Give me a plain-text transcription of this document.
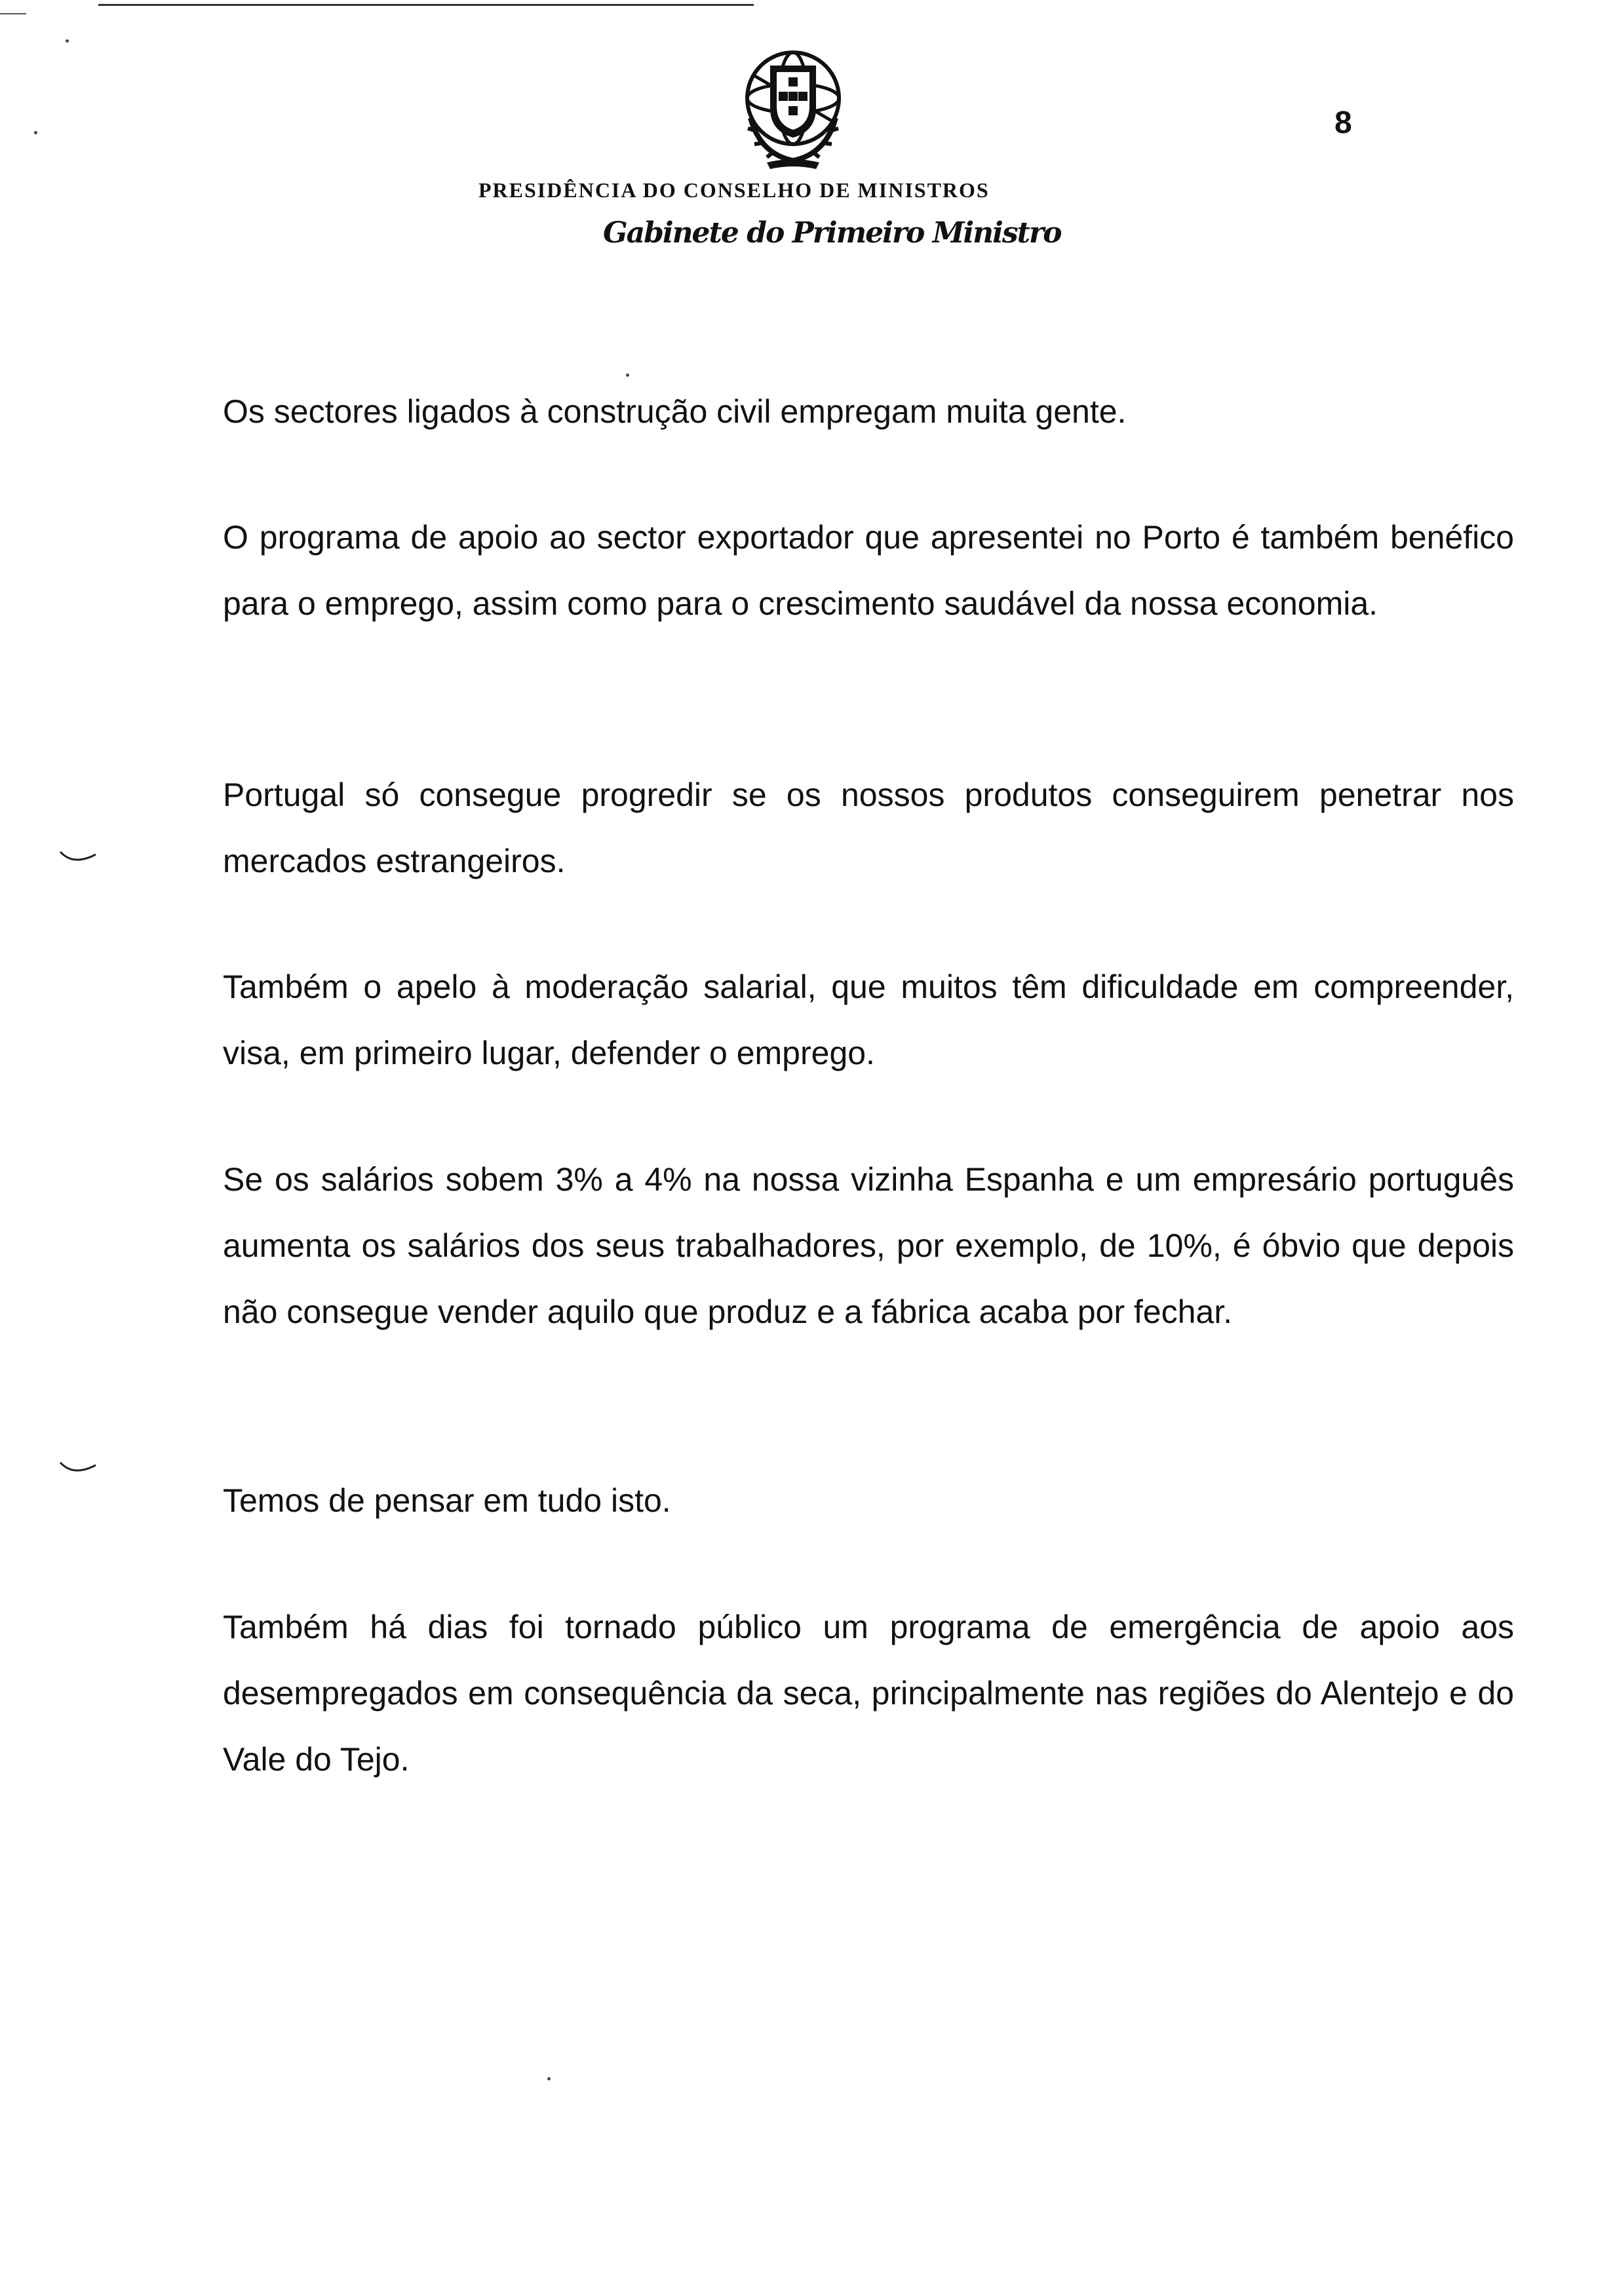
8
PRESIDÊNCIA DO CONSELHO DE MINISTROS
Gabinete do Primeiro Ministro
Os sectores ligados à construção civil empregam muita gente.
O programa de apoio ao sector exportador que apresentei no Porto é também benéfico para o emprego, assim como para o crescimento saudável da nossa economia.
Portugal só consegue progredir se os nossos produtos conseguirem penetrar nos mercados estrangeiros.
Também o apelo à moderação salarial, que muitos têm dificuldade em compreender, visa, em primeiro lugar, defender o emprego.
Se os salários sobem 3% a 4% na nossa vizinha Espanha e um empresário português aumenta os salários dos seus trabalhadores, por exemplo, de 10%, é óbvio que depois não consegue vender aquilo que produz e a fábrica acaba por fechar.
Temos de pensar em tudo isto.
Também há dias foi tornado público um programa de emergência de apoio aos desempregados em consequência da seca, principalmente nas regiões do Alentejo e do Vale do Tejo.
